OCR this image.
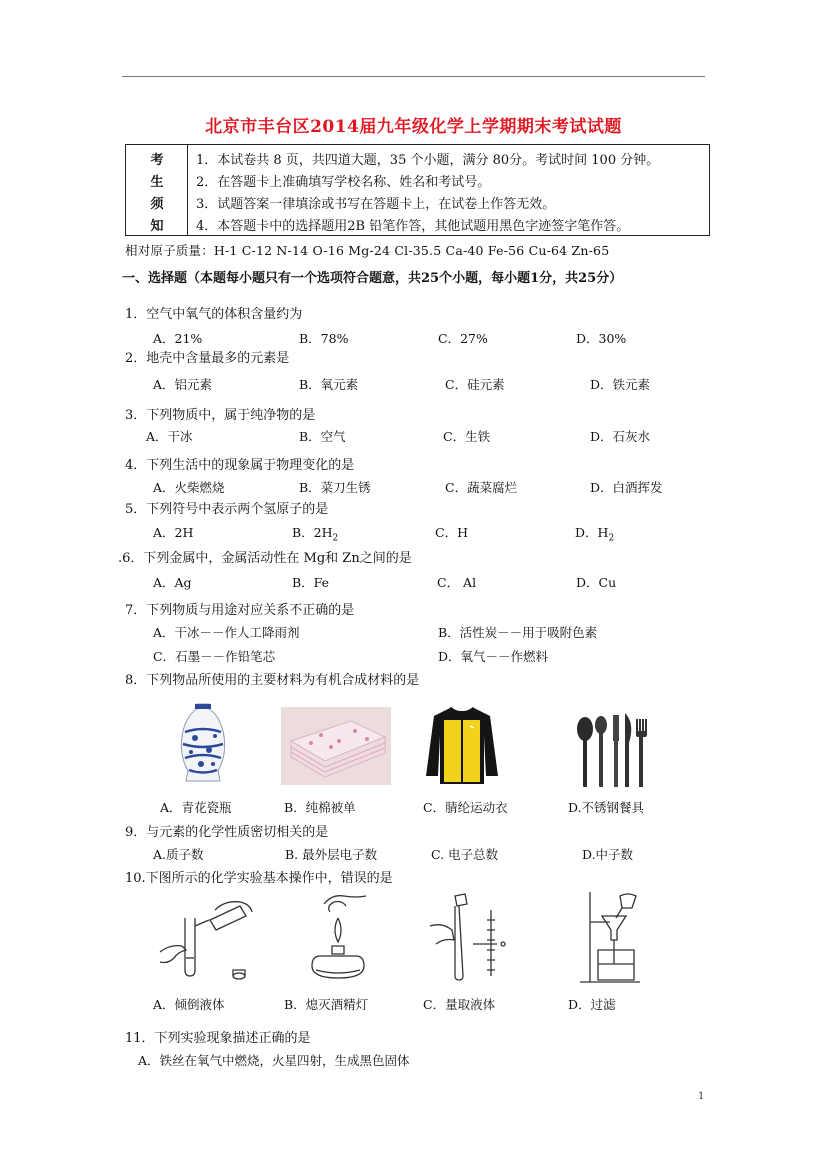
北京市丰台区2014届九年级化学上学期期末考试试题
考
生
须
知
1．本试卷共 8 页，共四道大题，35 个小题，满分 80分。考试时间 100 分钟。
2．在答题卡上准确填写学校名称、姓名和考试号。
3．试题答案一律填涂或书写在答题卡上，在试卷上作答无效。
4．本答题卡中的选择题用2B 铅笔作答，其他试题用黑色字迹签字笔作答。
相对原子质量：H-1 C-12 N-14 O-16 Mg-24 Cl-35.5 Ca-40 Fe-56 Cu-64 Zn-65
一、选择题（本题每小题只有一个选项符合题意，共25个小题，每小题1分，共25分）
1．空气中氧气的体积含量约为
A．21%	B．78%	C．27%	D．30%
2．地壳中含量最多的元素是
A．铝元素	B．氧元素	C．硅元素	D．铁元素
3．下列物质中，属于纯净物的是
A．干冰	B．空气	C．生铁	D．石灰水
4．下列生活中的现象属于物理变化的是
A．火柴燃烧	B．菜刀生锈	C．蔬菜腐烂	D．白酒挥发
5．下列符号中表示两个氢原子的是
A．2H	B．$2H_2$	C．H	D．$H_2$
.6．下列金属中，金属活动性在 Mg和 Zn之间的是
A．Ag	B．Fe	C． Al	D．Cu
7．下列物质与用途对应关系不正确的是
A．干冰－－作人工降雨剂	B．活性炭－－用于吸附色素
C．石墨－－作铅笔芯	D．氧气－－作燃料
8．下列物品所使用的主要材料为有机合成材料的是
A．青花瓷瓶	B．纯棉被单	C．腈纶运动衣	D.不锈钢餐具
9．与元素的化学性质密切相关的是
A.质子数	B. 最外层电子数	C. 电子总数	D.中子数
10.下图所示的化学实验基本操作中，错误的是
A．倾倒液体	B．熄灭酒精灯	C．量取液体	D．过滤
11．下列实验现象描述正确的是
A．铁丝在氧气中燃烧，火星四射，生成黑色固体
1
